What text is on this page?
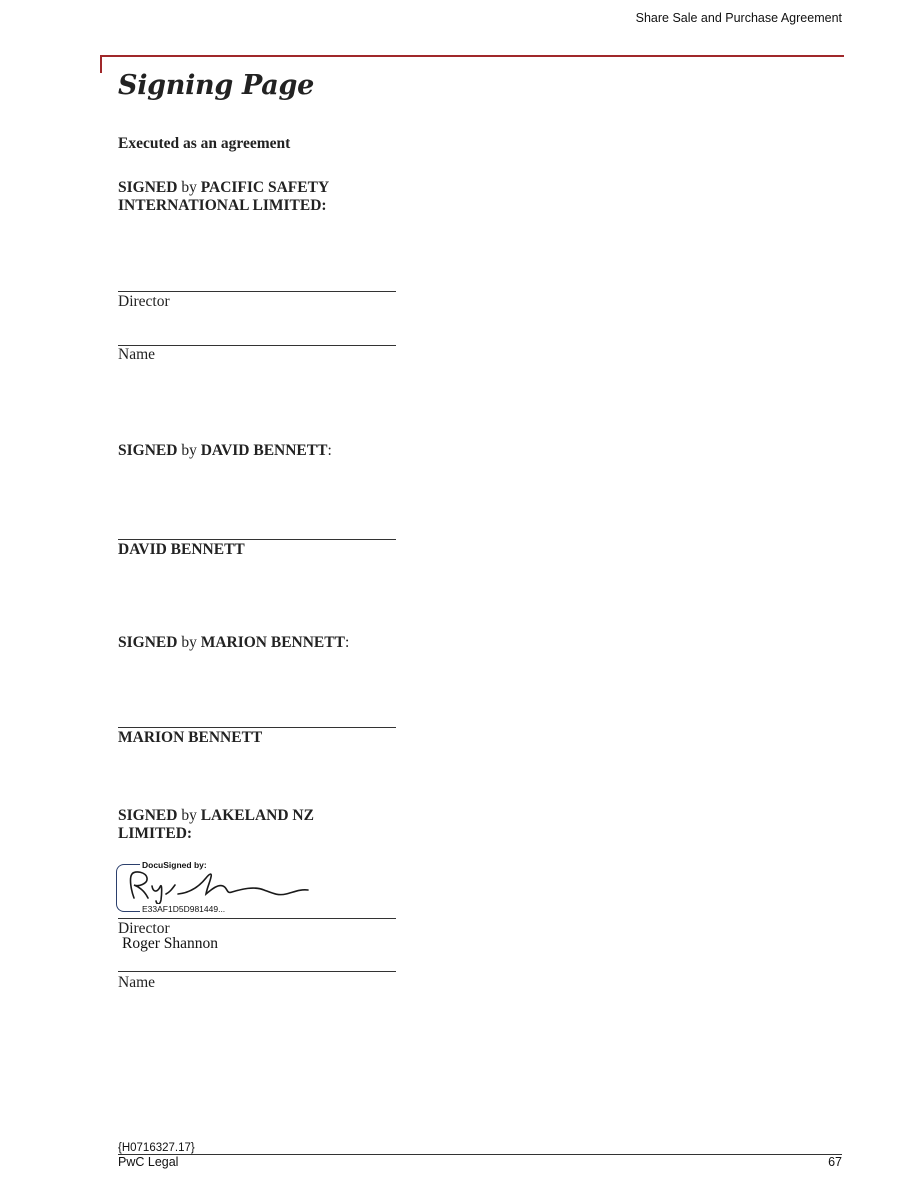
Share Sale and Purchase Agreement
Signing Page
Executed as an agreement
SIGNED by PACIFIC SAFETY
INTERNATIONAL LIMITED:
Director
Name
SIGNED by DAVID BENNETT:
DAVID BENNETT
SIGNED by MARION BENNETT:
MARION BENNETT
SIGNED by LAKELAND NZ
LIMITED:
DocuSigned by:
E33AF1D5D981449...
Director
Roger Shannon
Name
{H0716327.17}
PwC Legal	67
